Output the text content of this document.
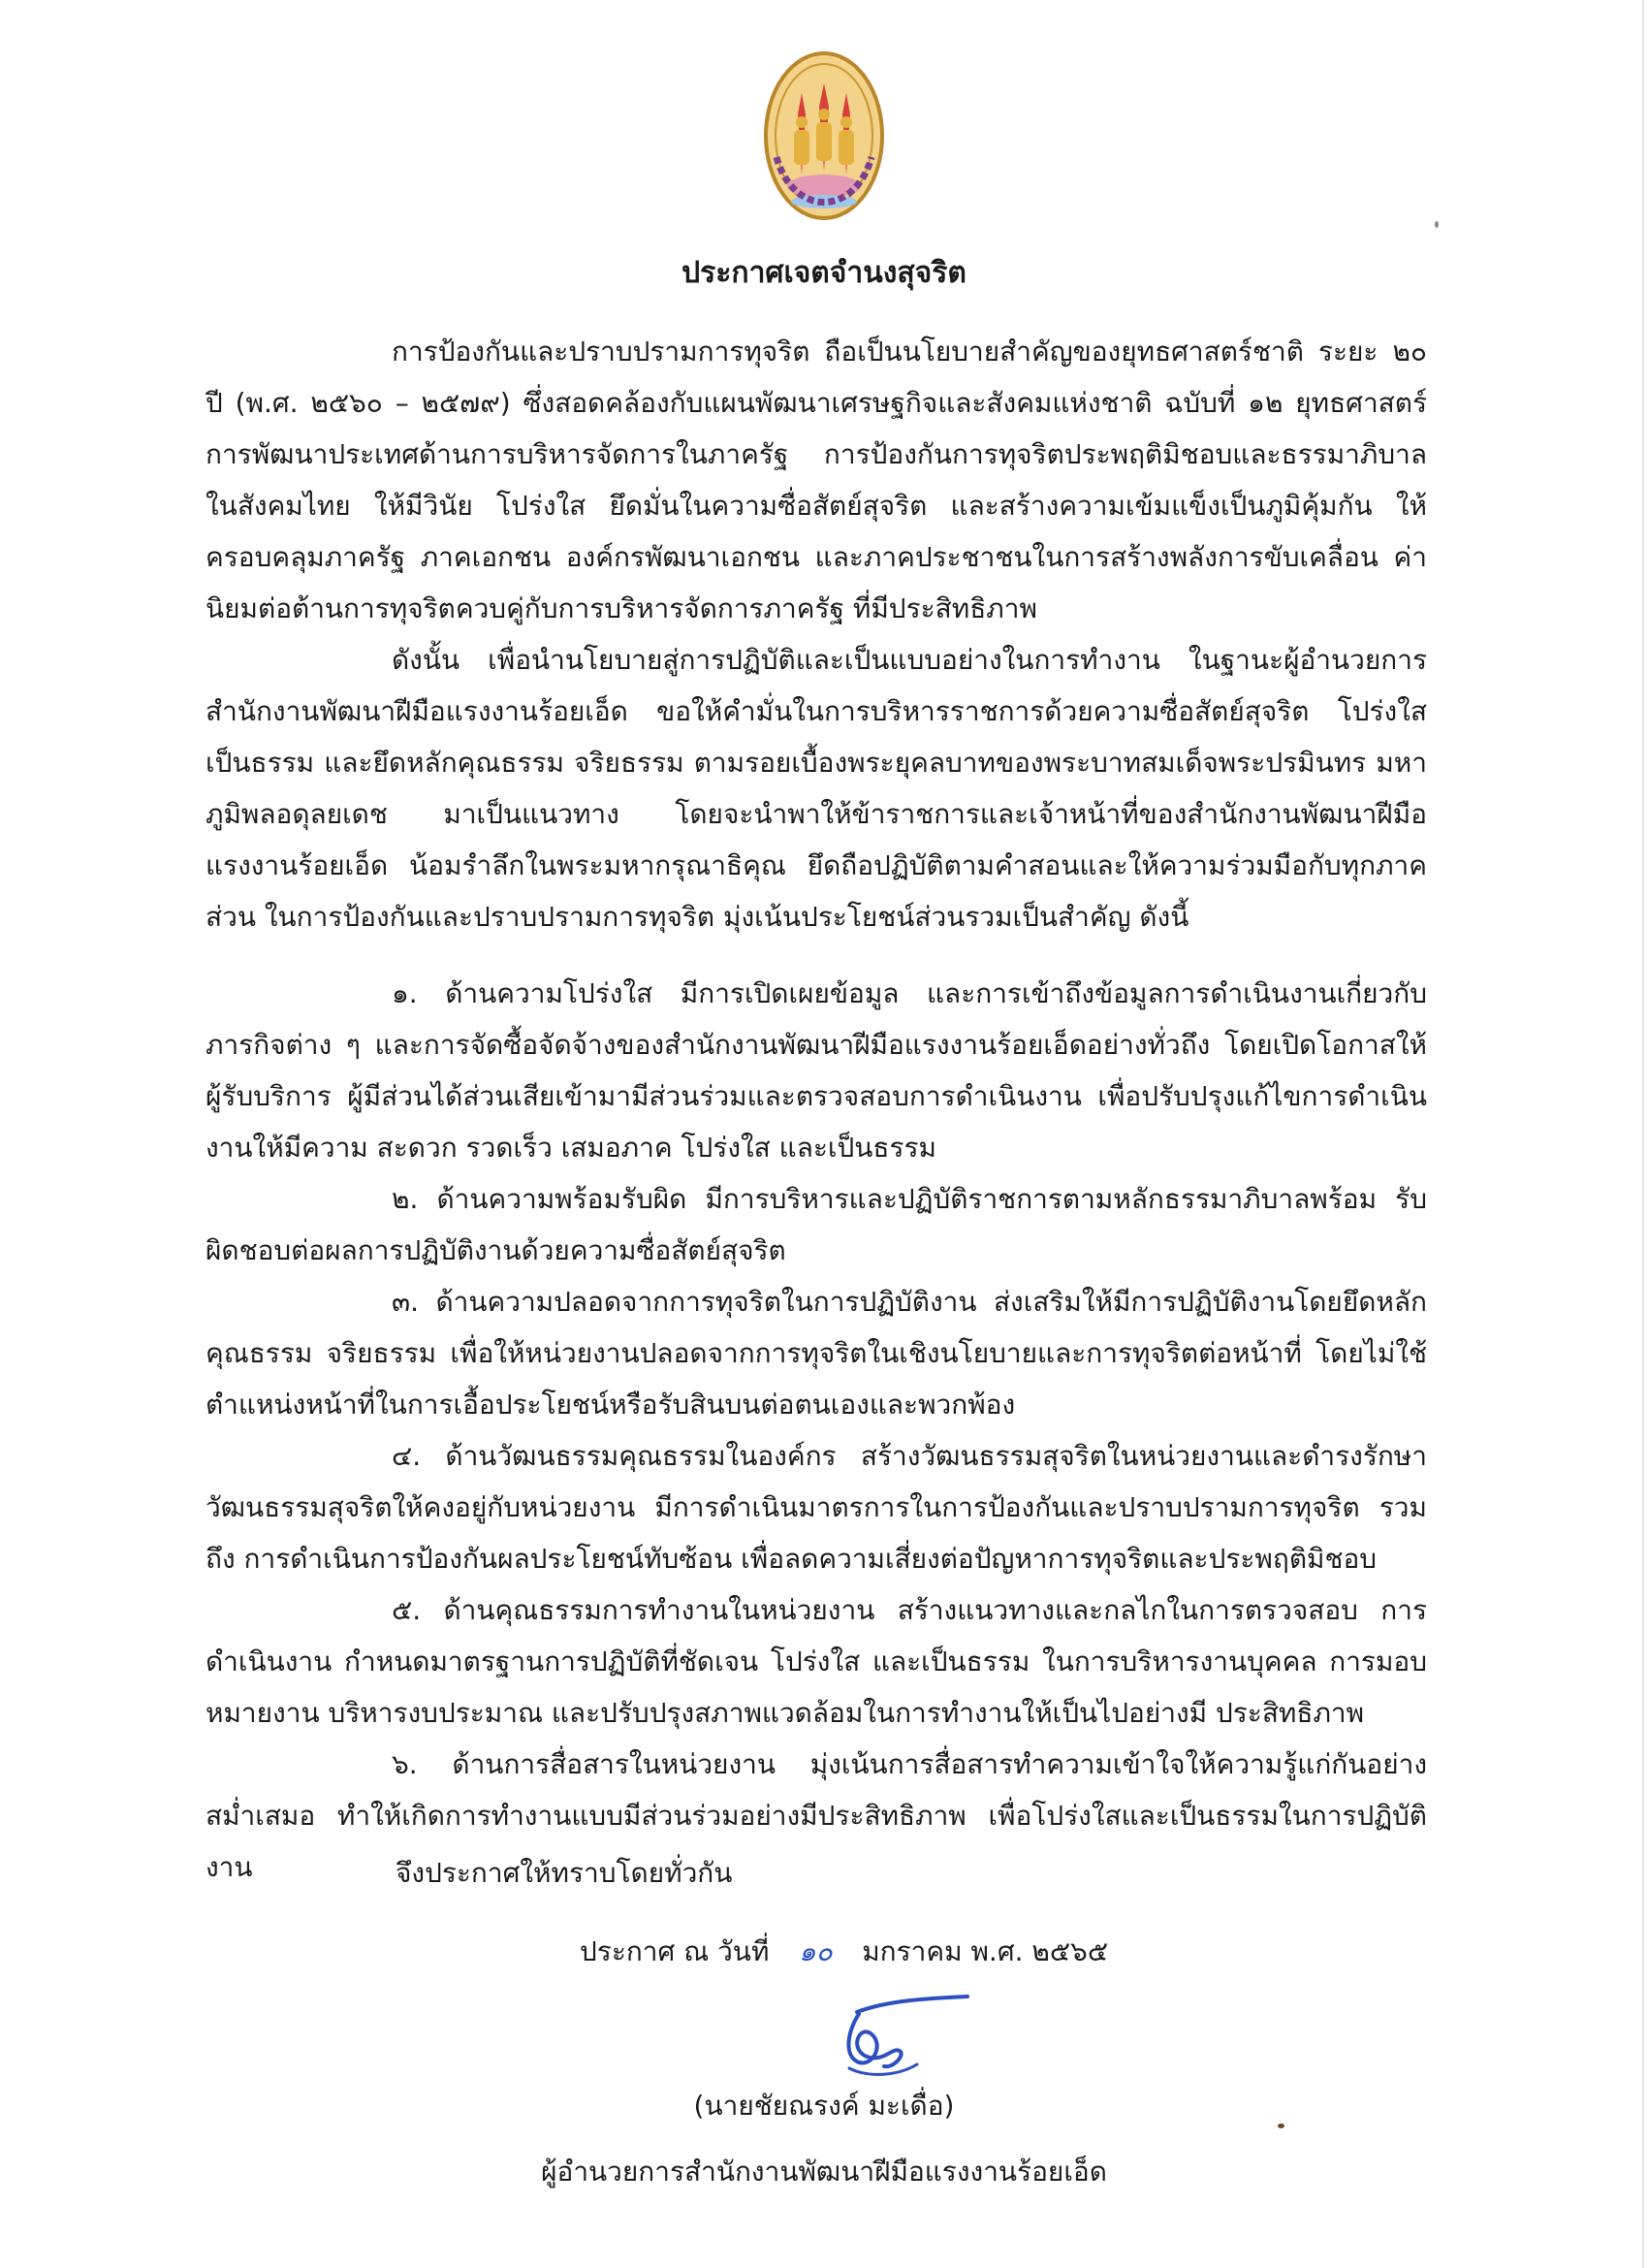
ประกาศเจตจำนงสุจริต

การป้องกันและปราบปรามการทุจริต ถือเป็นนโยบายสำคัญของยุทธศาสตร์ชาติ ระยะ ๒๐ ปี (พ.ศ. ๒๕๖๐ – ๒๕๗๙) ซึ่งสอดคล้องกับแผนพัฒนาเศรษฐกิจและสังคมแห่งชาติ ฉบับที่ ๑๒ ยุทธศาสตร์ การพัฒนาประเทศด้านการบริหารจัดการในภาครัฐ การป้องกันการทุจริตประพฤติมิชอบและธรรมาภิบาลในสังคมไทย ให้มีวินัย โปร่งใส ยึดมั่นในความซื่อสัตย์สุจริต และสร้างความเข้มแข็งเป็นภูมิคุ้มกัน ให้ครอบคลุมภาครัฐ ภาคเอกชน องค์กรพัฒนาเอกชน และภาคประชาชนในการสร้างพลังการขับเคลื่อน ค่านิยมต่อต้านการทุจริตควบคู่กับการบริหารจัดการภาครัฐ ที่มีประสิทธิภาพ

ดังนั้น เพื่อนำนโยบายสู่การปฏิบัติและเป็นแบบอย่างในการทำงาน ในฐานะผู้อำนวยการ สำนักงานพัฒนาฝีมือแรงงานร้อยเอ็ด ขอให้คำมั่นในการบริหารราชการด้วยความซื่อสัตย์สุจริต โปร่งใส เป็นธรรม และยึดหลักคุณธรรม จริยธรรม ตามรอยเบื้องพระยุคลบาทของพระบาทสมเด็จพระปรมินทร มหาภูมิพลอดุลยเดช มาเป็นแนวทาง โดยจะนำพาให้ข้าราชการและเจ้าหน้าที่ของสำนักงานพัฒนาฝีมือ แรงงานร้อยเอ็ด น้อมรำลึกในพระมหากรุณาธิคุณ ยึดถือปฏิบัติตามคำสอนและให้ความร่วมมือกับทุกภาคส่วน ในการป้องกันและปราบปรามการทุจริต มุ่งเน้นประโยชน์ส่วนรวมเป็นสำคัญ ดังนี้

๑. ด้านความโปร่งใส มีการเปิดเผยข้อมูล และการเข้าถึงข้อมูลการดำเนินงานเกี่ยวกับภารกิจต่าง ๆ และการจัดซื้อจัดจ้างของสำนักงานพัฒนาฝีมือแรงงานร้อยเอ็ดอย่างทั่วถึง โดยเปิดโอกาสให้ผู้รับบริการ ผู้มีส่วนได้ส่วนเสียเข้ามามีส่วนร่วมและตรวจสอบการดำเนินงาน เพื่อปรับปรุงแก้ไขการดำเนินงานให้มีความ สะดวก รวดเร็ว เสมอภาค โปร่งใส และเป็นธรรม

๒. ด้านความพร้อมรับผิด มีการบริหารและปฏิบัติราชการตามหลักธรรมาภิบาลพร้อม รับผิดชอบต่อผลการปฏิบัติงานด้วยความซื่อสัตย์สุจริต

๓. ด้านความปลอดจากการทุจริตในการปฏิบัติงาน ส่งเสริมให้มีการปฏิบัติงานโดยยึดหลัก คุณธรรม จริยธรรม เพื่อให้หน่วยงานปลอดจากการทุจริตในเชิงนโยบายและการทุจริตต่อหน้าที่ โดยไม่ใช้ ตำแหน่งหน้าที่ในการเอื้อประโยชน์หรือรับสินบนต่อตนเองและพวกพ้อง

๔. ด้านวัฒนธรรมคุณธรรมในองค์กร สร้างวัฒนธรรมสุจริตในหน่วยงานและดำรงรักษา วัฒนธรรมสุจริตให้คงอยู่กับหน่วยงาน มีการดำเนินมาตรการในการป้องกันและปราบปรามการทุจริต รวมถึง การดำเนินการป้องกันผลประโยชน์ทับซ้อน เพื่อลดความเสี่ยงต่อปัญหาการทุจริตและประพฤติมิชอบ

๕. ด้านคุณธรรมการทำงานในหน่วยงาน สร้างแนวทางและกลไกในการตรวจสอบ การดำเนินงาน กำหนดมาตรฐานการปฏิบัติที่ชัดเจน โปร่งใส และเป็นธรรม ในการบริหารงานบุคคล การมอบหมายงาน บริหารงบประมาณ และปรับปรุงสภาพแวดล้อมในการทำงานให้เป็นไปอย่างมี ประสิทธิภาพ

๖. ด้านการสื่อสารในหน่วยงาน มุ่งเน้นการสื่อสารทำความเข้าใจให้ความรู้แก่กันอย่าง สม่ำเสมอ ทำให้เกิดการทำงานแบบมีส่วนร่วมอย่างมีประสิทธิภาพ เพื่อโปร่งใสและเป็นธรรมในการปฏิบัติงาน	จึงประกาศให้ทราบโดยทั่วกัน
ประกาศ ณ วันที่ ๑๐ มกราคม พ.ศ. ๒๕๖๕
(นายชัยณรงค์ มะเดื่อ)
ผู้อำนวยการสำนักงานพัฒนาฝีมือแรงงานร้อยเอ็ด
